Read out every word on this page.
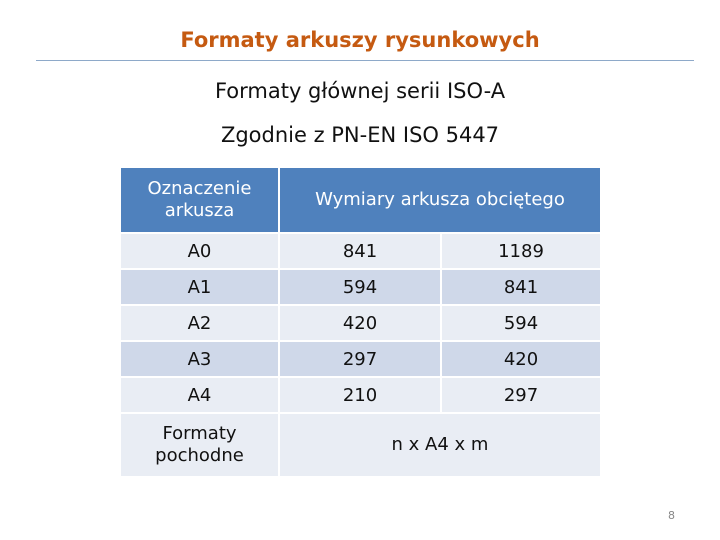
Formaty arkuszy rysunkowych
Formaty głównej serii ISO-A
Zgodnie z PN-EN ISO 5447
Oznaczenie arkusza	Wymiary arkusza obciętego	
A0	841	1189
A1	594	841
A2	420	594
A3	297	420
A4	210	297
Formaty pochodne	n x A4 x m	
8
